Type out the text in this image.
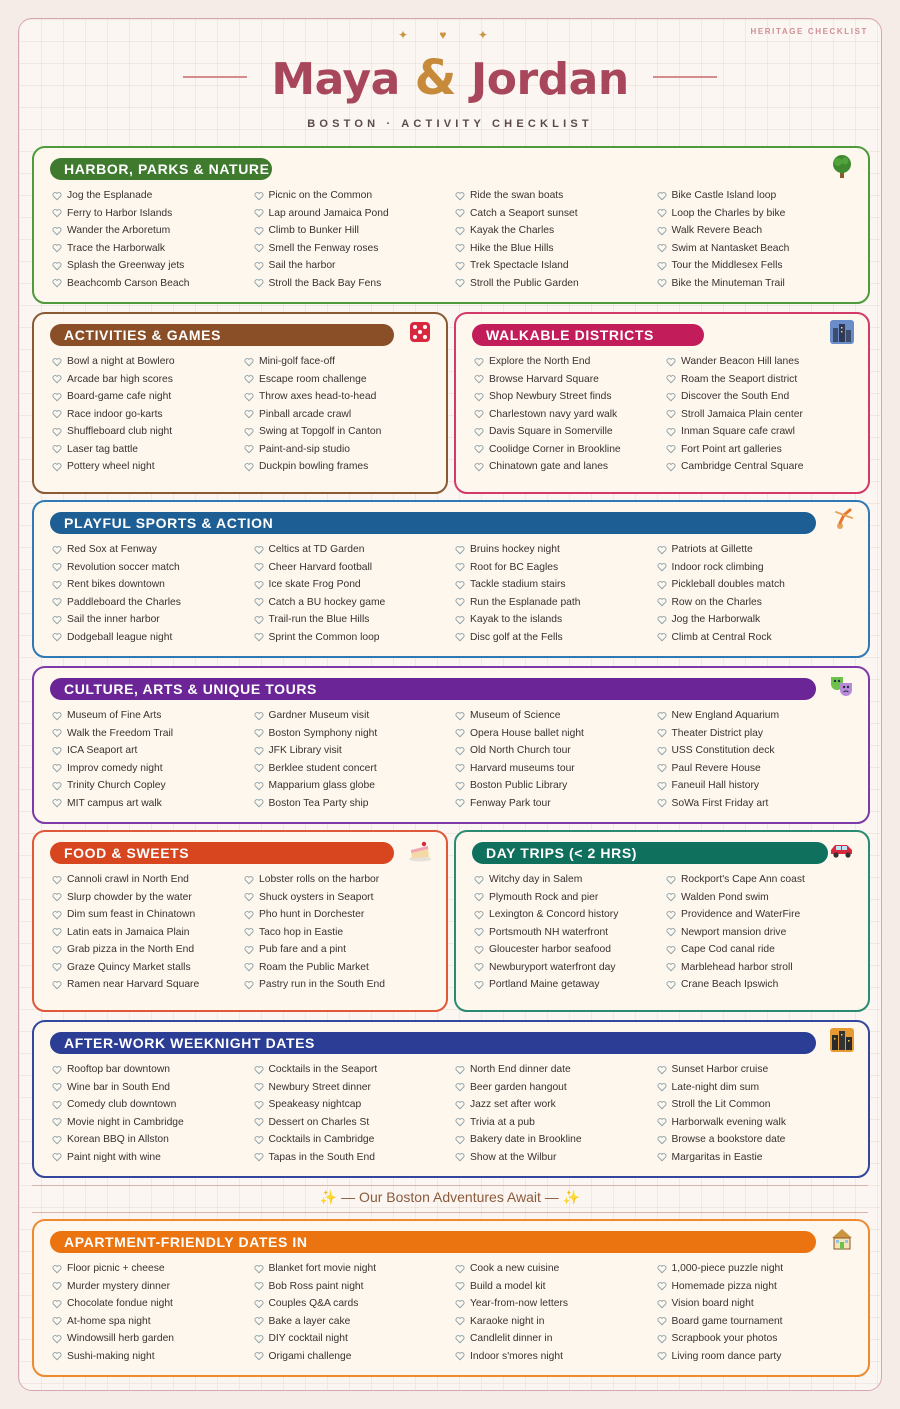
HERITAGE CHECKLIST
✦ ♥ ✦
Maya & Jordan
BOSTON · ACTIVITY CHECKLIST
HARBOR, PARKS & NATURE
Jog the Esplanade
Ferry to Harbor Islands
Wander the Arboretum
Trace the Harborwalk
Splash the Greenway jets
Beachcomb Carson Beach
Picnic on the Common
Lap around Jamaica Pond
Climb to Bunker Hill
Smell the Fenway roses
Sail the harbor
Stroll the Back Bay Fens
Ride the swan boats
Catch a Seaport sunset
Kayak the Charles
Hike the Blue Hills
Trek Spectacle Island
Stroll the Public Garden
Bike Castle Island loop
Loop the Charles by bike
Walk Revere Beach
Swim at Nantasket Beach
Tour the Middlesex Fells
Bike the Minuteman Trail
ACTIVITIES & GAMES
Bowl a night at Bowlero
Arcade bar high scores
Board-game cafe night
Race indoor go-karts
Shuffleboard club night
Laser tag battle
Pottery wheel night
Mini-golf face-off
Escape room challenge
Throw axes head-to-head
Pinball arcade crawl
Swing at Topgolf in Canton
Paint-and-sip studio
Duckpin bowling frames
WALKABLE DISTRICTS
Explore the North End
Browse Harvard Square
Shop Newbury Street finds
Charlestown navy yard walk
Davis Square in Somerville
Coolidge Corner in Brookline
Chinatown gate and lanes
Wander Beacon Hill lanes
Roam the Seaport district
Discover the South End
Stroll Jamaica Plain center
Inman Square cafe crawl
Fort Point art galleries
Cambridge Central Square
PLAYFUL SPORTS & ACTION
Red Sox at Fenway
Revolution soccer match
Rent bikes downtown
Paddleboard the Charles
Sail the inner harbor
Dodgeball league night
Celtics at TD Garden
Cheer Harvard football
Ice skate Frog Pond
Catch a BU hockey game
Trail-run the Blue Hills
Sprint the Common loop
Bruins hockey night
Root for BC Eagles
Tackle stadium stairs
Run the Esplanade path
Kayak to the islands
Disc golf at the Fells
Patriots at Gillette
Indoor rock climbing
Pickleball doubles match
Row on the Charles
Jog the Harborwalk
Climb at Central Rock
CULTURE, ARTS & UNIQUE TOURS
Museum of Fine Arts
Walk the Freedom Trail
ICA Seaport art
Improv comedy night
Trinity Church Copley
MIT campus art walk
Gardner Museum visit
Boston Symphony night
JFK Library visit
Berklee student concert
Mapparium glass globe
Boston Tea Party ship
Museum of Science
Opera House ballet night
Old North Church tour
Harvard museums tour
Boston Public Library
Fenway Park tour
New England Aquarium
Theater District play
USS Constitution deck
Paul Revere House
Faneuil Hall history
SoWa First Friday art
FOOD & SWEETS
Cannoli crawl in North End
Slurp chowder by the water
Dim sum feast in Chinatown
Latin eats in Jamaica Plain
Grab pizza in the North End
Graze Quincy Market stalls
Ramen near Harvard Square
Lobster rolls on the harbor
Shuck oysters in Seaport
Pho hunt in Dorchester
Taco hop in Eastie
Pub fare and a pint
Roam the Public Market
Pastry run in the South End
DAY TRIPS (< 2 HRS)
Witchy day in Salem
Plymouth Rock and pier
Lexington & Concord history
Portsmouth NH waterfront
Gloucester harbor seafood
Newburyport waterfront day
Portland Maine getaway
Rockport's Cape Ann coast
Walden Pond swim
Providence and WaterFire
Newport mansion drive
Cape Cod canal ride
Marblehead harbor stroll
Crane Beach Ipswich
AFTER-WORK WEEKNIGHT DATES
Rooftop bar downtown
Wine bar in South End
Comedy club downtown
Movie night in Cambridge
Korean BBQ in Allston
Paint night with wine
Cocktails in the Seaport
Newbury Street dinner
Speakeasy nightcap
Dessert on Charles St
Cocktails in Cambridge
Tapas in the South End
North End dinner date
Beer garden hangout
Jazz set after work
Trivia at a pub
Bakery date in Brookline
Show at the Wilbur
Sunset Harbor cruise
Late-night dim sum
Stroll the Lit Common
Harborwalk evening walk
Browse a bookstore date
Margaritas in Eastie
APARTMENT-FRIENDLY DATES IN
Floor picnic + cheese
Murder mystery dinner
Chocolate fondue night
At-home spa night
Windowsill herb garden
Sushi-making night
Blanket fort movie night
Bob Ross paint night
Couples Q&A cards
Bake a layer cake
DIY cocktail night
Origami challenge
Cook a new cuisine
Build a model kit
Year-from-now letters
Karaoke night in
Candlelit dinner in
Indoor s'mores night
1,000-piece puzzle night
Homemade pizza night
Vision board night
Board game tournament
Scrapbook your photos
Living room dance party
✨ — Our Boston Adventures Await — ✨
